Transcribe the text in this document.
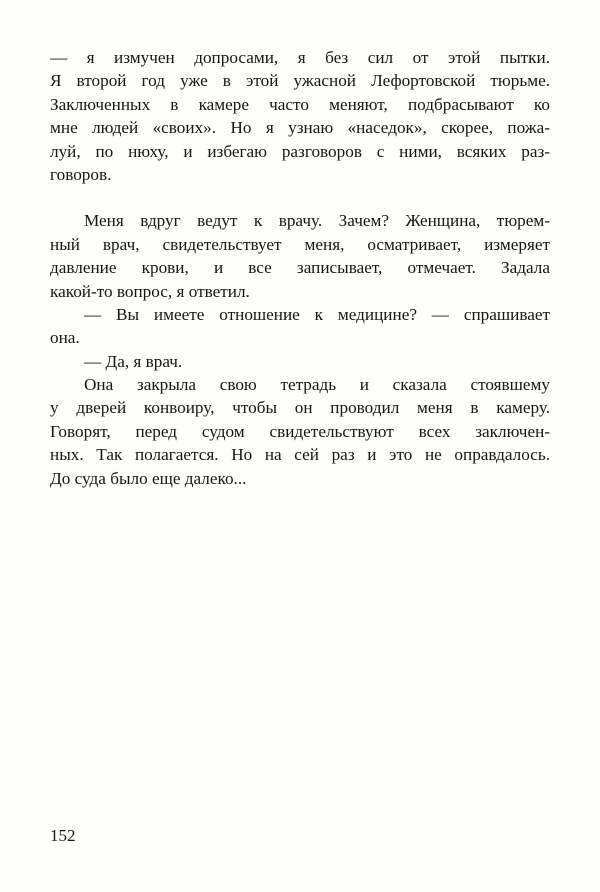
— я измучен допросами, я без сил от этой пытки.
Я второй год уже в этой ужасной Лефортовской тюрьме.
Заключенных в камере часто меняют, подбрасывают ко
мне людей «своих». Но я узнаю «наседок», скорее, пожа-
луй, по нюху, и избегаю разговоров с ними, всяких раз-
говоров.
Меня вдруг ведут к врачу. Зачем? Женщина, тюрем-
ный врач, свидетельствует меня, осматривает, измеряет
давление крови, и все записывает, отмечает. Задала
какой-то вопрос, я ответил.
— Вы имеете отношение к медицине? — спрашивает
она.
— Да, я врач.
Она закрыла свою тетрадь и сказала стоявшему
у дверей конвоиру, чтобы он проводил меня в камеру.
Говорят, перед судом свидетельствуют всех заключен-
ных. Так полагается. Но на сей раз и это не оправдалось.
До суда было еще далеко...
152
